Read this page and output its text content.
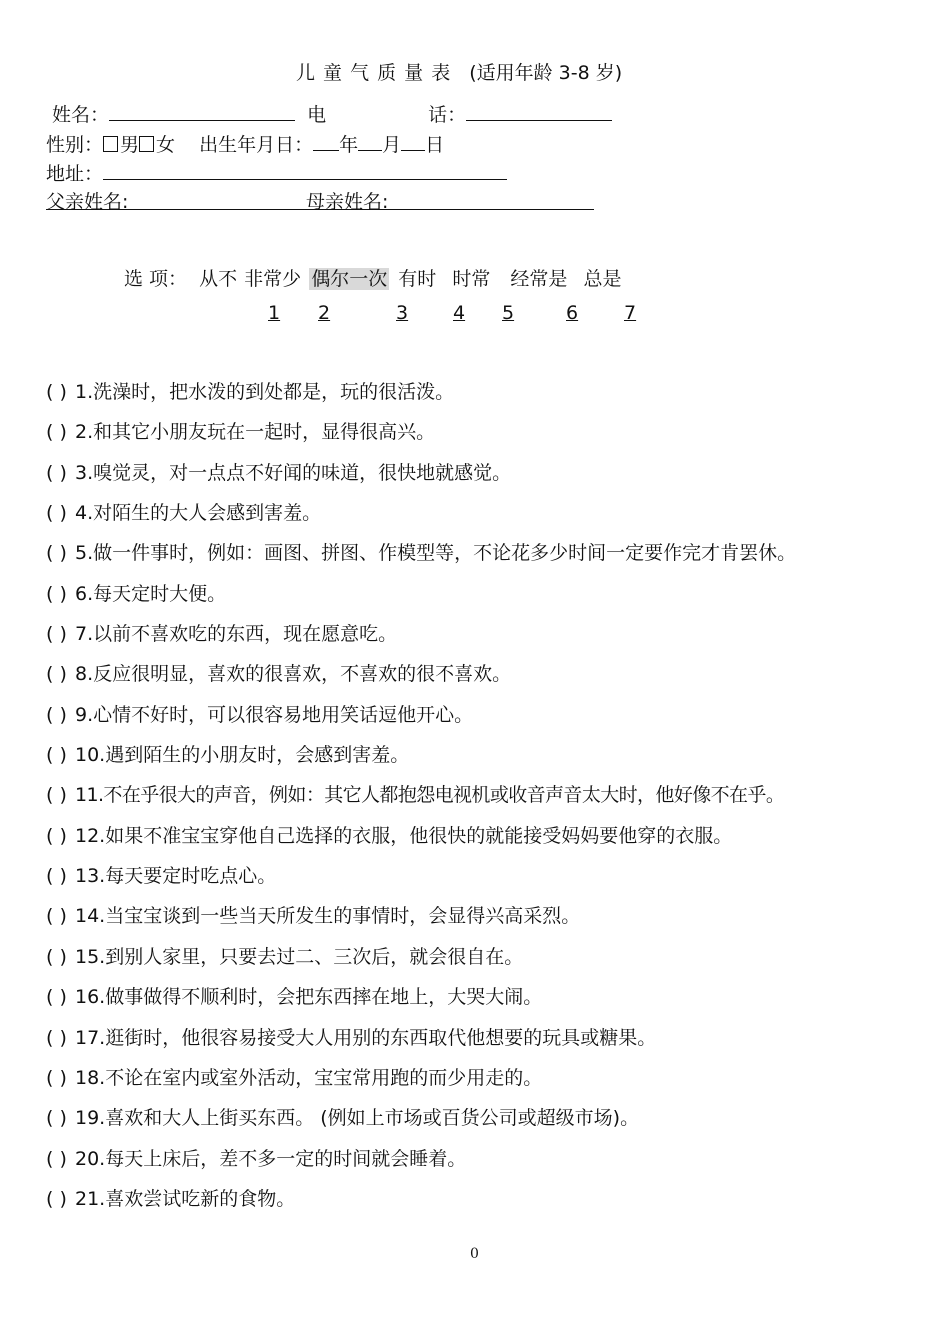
儿 童 气 质 量 表 (适用年龄 3-8 岁)
姓名：	电	话：
性别： 男 女 出生年月日： 年 月 日
地址：
父亲姓名:	母亲姓名:
选 项： 从不 非常少 偶尔一次 有时 时常 经常是 总是
1 2	3 4 5	6 7
( ) 1.洗澡时，把水泼的到处都是，玩的很活泼。
( ) 2.和其它小朋友玩在一起时，显得很高兴。
( ) 3.嗅觉灵，对一点点不好闻的味道，很快地就感觉。
( ) 4.对陌生的大人会感到害羞。
( ) 5.做一件事时，例如：画图、拼图、作模型等，不论花多少时间一定要作完才肯罢休。
( ) 6.每天定时大便。
( ) 7.以前不喜欢吃的东西，现在愿意吃。
( ) 8.反应很明显，喜欢的很喜欢，不喜欢的很不喜欢。
( ) 9.心情不好时，可以很容易地用笑话逗他开心。
( ) 10.遇到陌生的小朋友时，会感到害羞。
( ) 11.不在乎很大的声音，例如：其它人都抱怨电视机或收音声音太大时，他好像不在乎。
( ) 12.如果不准宝宝穿他自己选择的衣服，他很快的就能接受妈妈要他穿的衣服。
( ) 13.每天要定时吃点心。
( ) 14.当宝宝谈到一些当天所发生的事情时，会显得兴高采烈。
( ) 15.到别人家里，只要去过二、三次后，就会很自在。
( ) 16.做事做得不顺利时，会把东西摔在地上，大哭大闹。
( ) 17.逛街时，他很容易接受大人用别的东西取代他想要的玩具或糖果。
( ) 18.不论在室内或室外活动，宝宝常用跑的而少用走的。
( ) 19.喜欢和大人上街买东西。 (例如上市场或百货公司或超级市场)。
( ) 20.每天上床后，差不多一定的时间就会睡着。
( ) 21.喜欢尝试吃新的食物。
0
